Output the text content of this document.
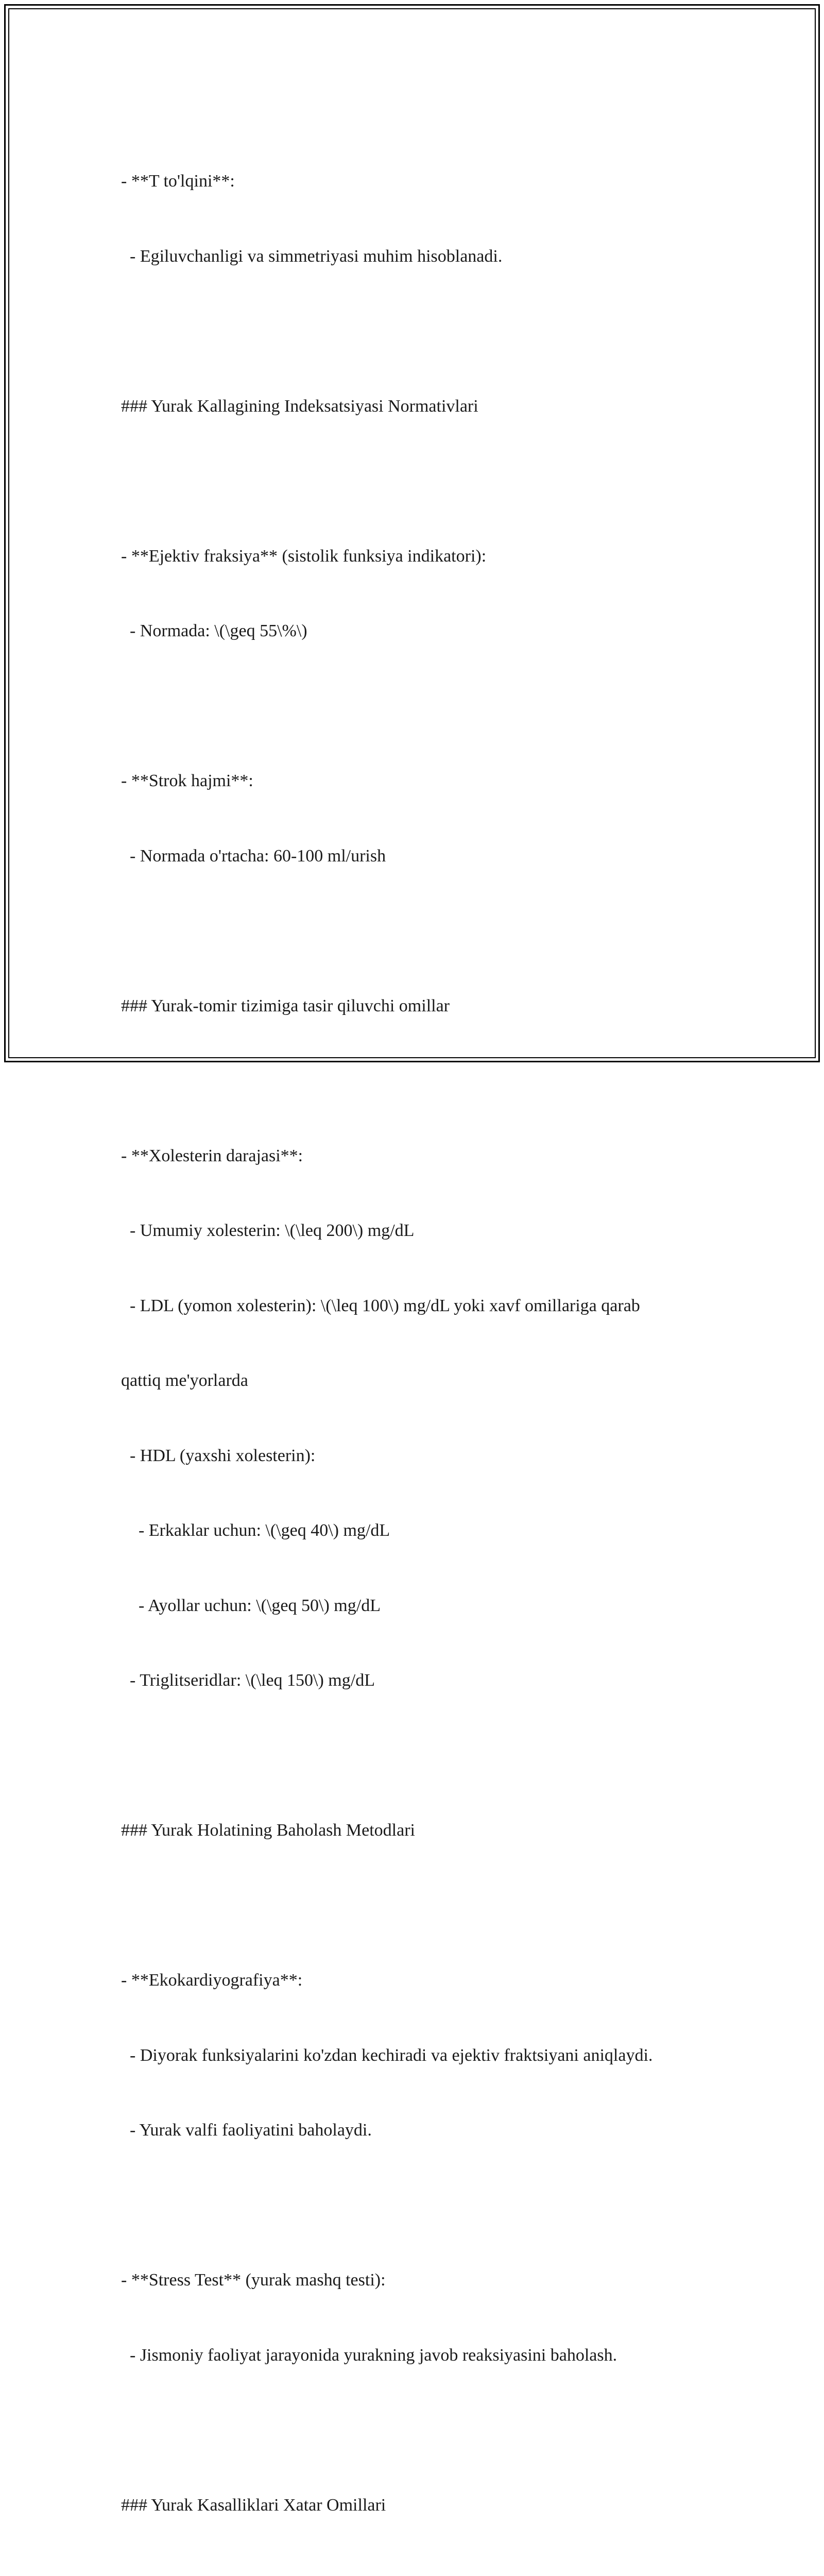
- **T to'lqini**:

- Egiluvchanligi va simmetriyasi muhim hisoblanadi.

### Yurak Kallagining Indeksatsiyasi Normativlari

- **Ejektiv fraksiya** (sistolik funksiya indikatori):

- Normada: \(\geq 55\%\)

- **Strok hajmi**:

- Normada o'rtacha: 60-100 ml/urish

### Yurak-tomir tizimiga tasir qiluvchi omillar

- **Xolesterin darajasi**:

- Umumiy xolesterin: \(\leq 200\) mg/dL

- LDL (yomon xolesterin): \(\leq 100\) mg/dL yoki xavf omillariga qarab

qattiq me'yorlarda

- HDL (yaxshi xolesterin):

- Erkaklar uchun: \(\geq 40\) mg/dL

- Ayollar uchun: \(\geq 50\) mg/dL

- Triglitseridlar: \(\leq 150\) mg/dL

### Yurak Holatining Baholash Metodlari

- **Ekokardiyografiya**:

- Diyorak funksiyalarini ko'zdan kechiradi va ejektiv fraktsiyani aniqlaydi.

- Yurak valfi faoliyatini baholaydi.

- **Stress Test** (yurak mashq testi):

- Jismoniy faoliyat jarayonida yurakning javob reaksiyasini baholash.

### Yurak Kasalliklari Xatar Omillari
